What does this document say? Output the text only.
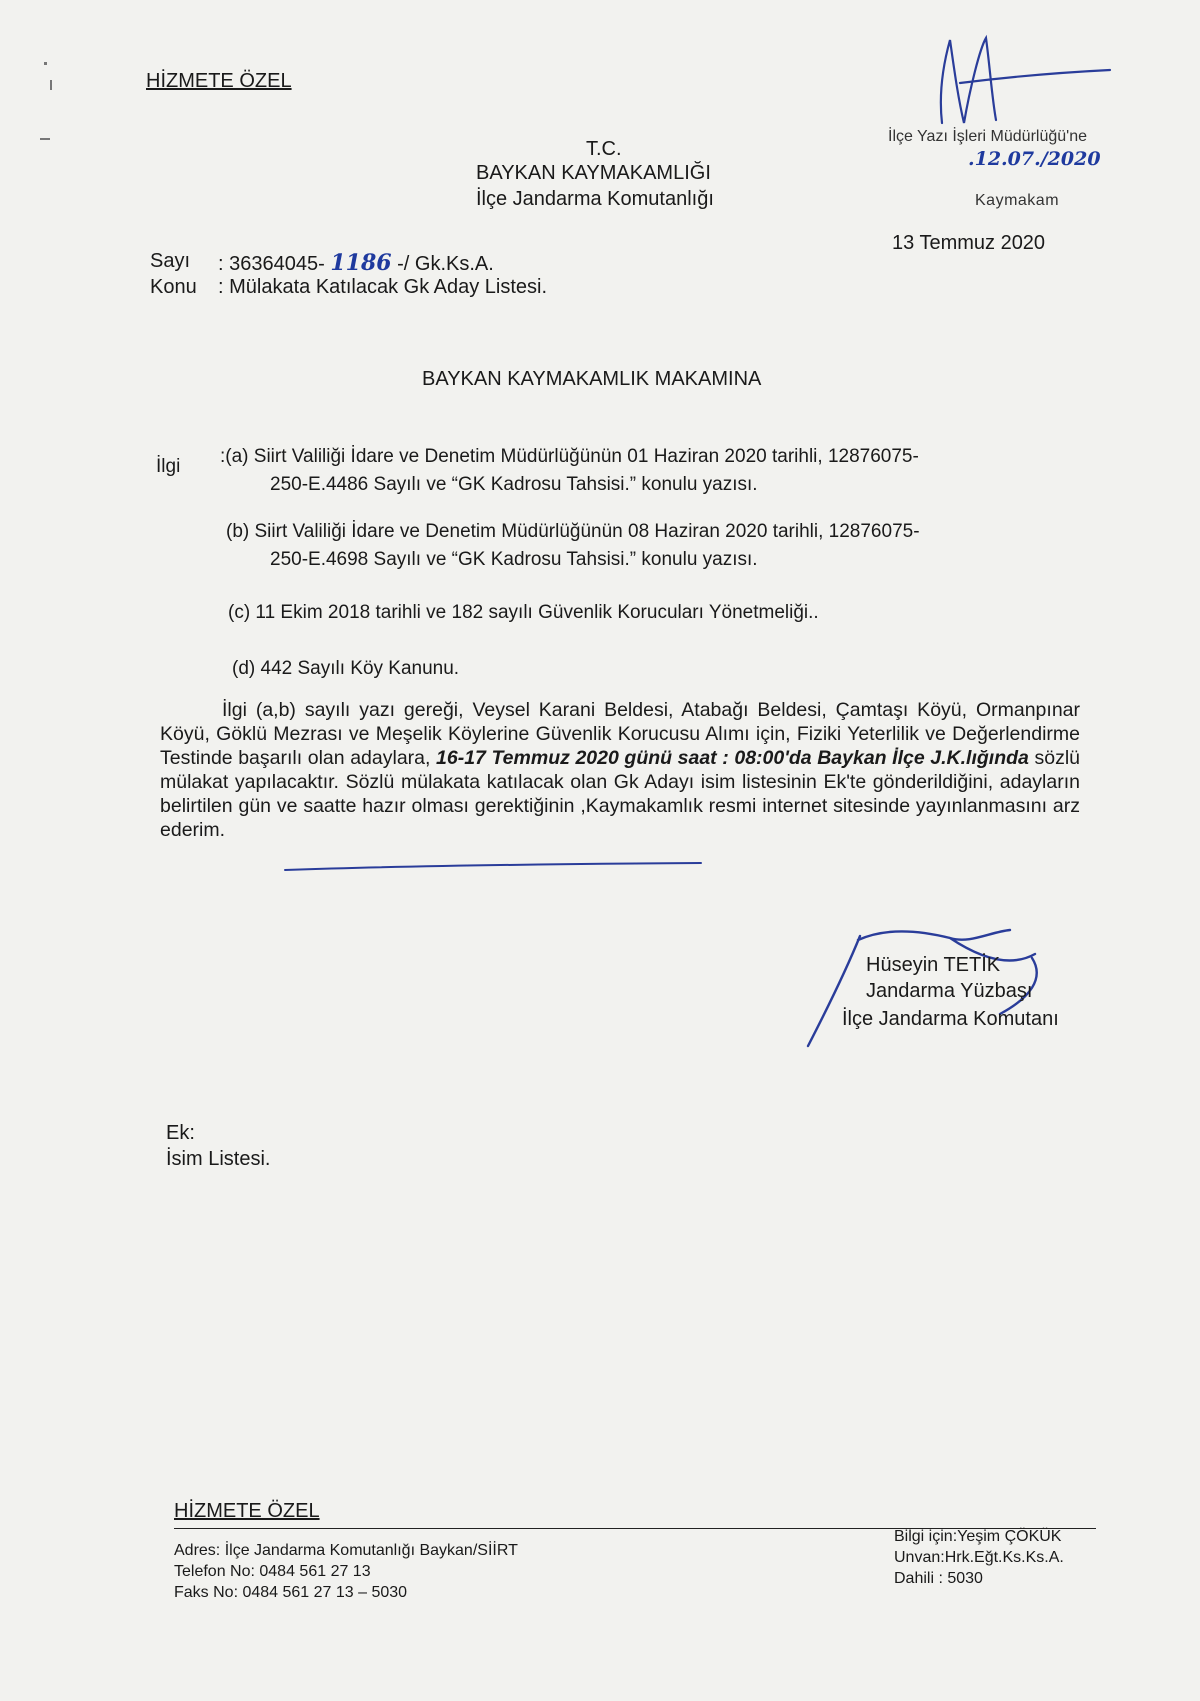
HİZMETE ÖZEL
T.C.
BAYKAN KAYMAKAMLIĞI
İlçe Jandarma Komutanlığı
İlçe Yazı İşleri Müdürlüğü'ne
.12.07./2020
Kaymakam
13 Temmuz 2020
Sayı : 36364045- 1186 -/ Gk.Ks.A.
Konu : Mülakata Katılacak Gk Aday Listesi.
BAYKAN KAYMAKAMLIK MAKAMINA
İlgi :(a) Siirt Valiliği İdare ve Denetim Müdürlüğünün 01 Haziran 2020 tarihli, 12876075-
250-E.4486 Sayılı ve “GK Kadrosu Tahsisi.” konulu yazısı.
(b) Siirt Valiliği İdare ve Denetim Müdürlüğünün 08 Haziran 2020 tarihli, 12876075-
250-E.4698 Sayılı ve “GK Kadrosu Tahsisi.” konulu yazısı.
(c) 11 Ekim 2018 tarihli ve 182 sayılı Güvenlik Korucuları Yönetmeliği..
(d) 442 Sayılı Köy Kanunu.
İlgi (a,b) sayılı yazı gereği, Veysel Karani Beldesi, Atabağı Beldesi, Çamtaşı Köyü, Ormanpınar Köyü, Göklü Mezrası ve Meşelik Köylerine Güvenlik Korucusu Alımı için, Fiziki Yeterlilik ve Değerlendirme Testinde başarılı olan adaylara, 16-17 Temmuz 2020 günü saat : 08:00'da Baykan İlçe J.K.lığında sözlü mülakat yapılacaktır. Sözlü mülakata katılacak olan Gk Adayı isim listesinin Ek'te gönderildiğini, adayların belirtilen gün ve saatte hazır olması gerektiğinin ,Kaymakamlık resmi internet sitesinde yayınlanmasını arz ederim.
Hüseyin TETİK
Jandarma Yüzbaşı
İlçe Jandarma Komutanı
Ek:
İsim Listesi.
HİZMETE ÖZEL
Adres: İlçe Jandarma Komutanlığı Baykan/SİİRT
Telefon No: 0484 561 27 13
Faks No: 0484 561 27 13 – 5030
Bilgi için:Yeşim ÇÖKÜK
Unvan:Hrk.Eğt.Ks.Ks.A.
Dahili : 5030
